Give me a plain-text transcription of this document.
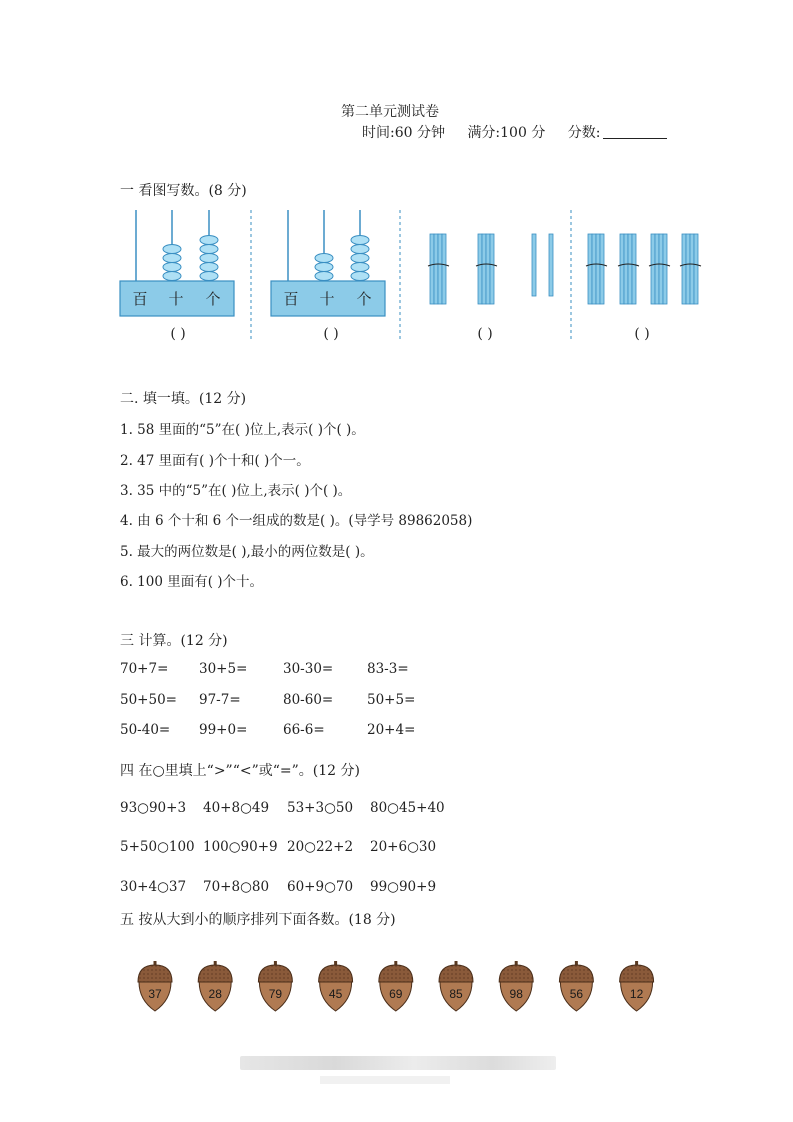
第二单元测试卷
时间:60 分钟 满分:100 分 分数:
一 看图写数。(8 分)
百 十 个
( )
百 十 个
( )	( )	( )
二. 填一填。(12 分)
1. 58 里面的“5”在( )位上,表示( )个( )。
2. 47 里面有( )个十和( )个一。
3. 35 中的“5”在( )位上,表示( )个( )。
4. 由 6 个十和 6 个一组成的数是( )。(导学号 89862058)
5. 最大的两位数是( ),最小的两位数是( )。
6. 100 里面有( )个十。
三 计算。(12 分)
70+7= 30+5=	30-30=	83-3=
50+50= 97-7=	80-60=	50+5=
50-40= 99+0=	66-6=	20+4=
四 在○里填上“>”“<”或“=”。(12 分)
93○90+3 40+8○49 53+3○50 80○45+40
5+50○100 100○90+9 20○22+2 20+6○30
30+4○37 70+8○80 60+9○70 99○90+9
五 按从大到小的顺序排列下面各数。(18 分)
37	28	79	45	69	85	98	56	12
